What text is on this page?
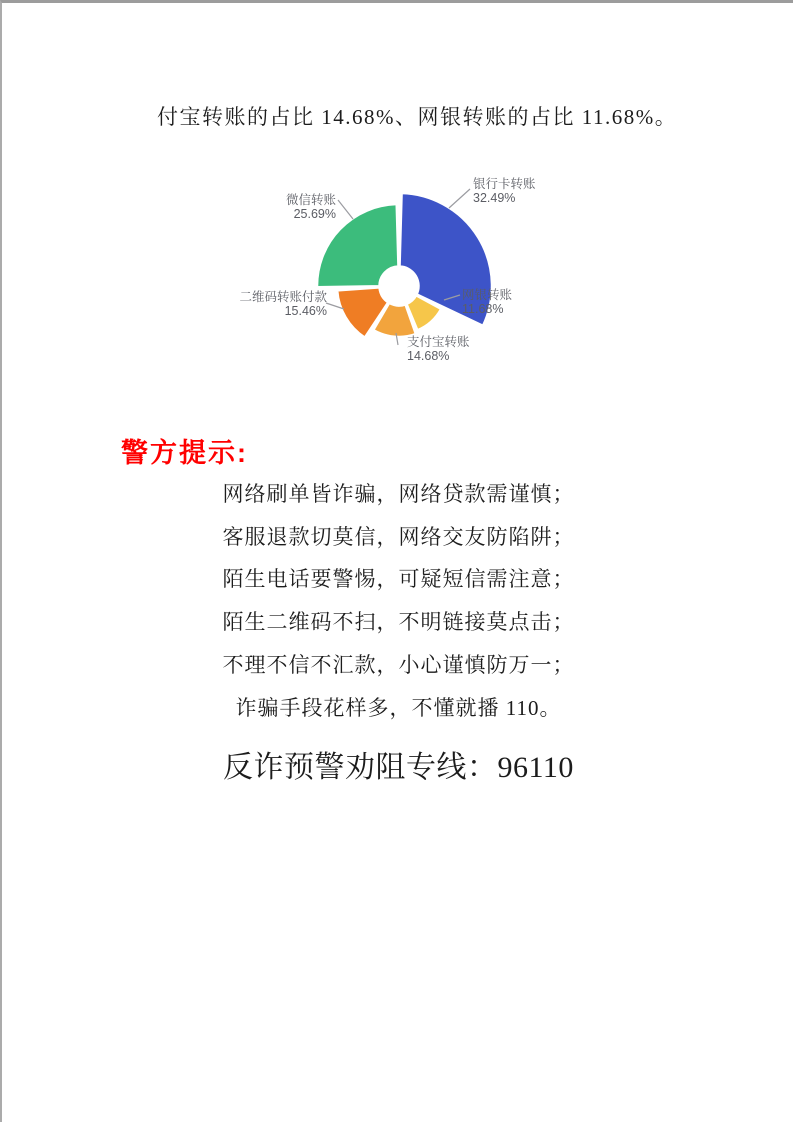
付宝转账的占比 14.68%、网银转账的占比 11.68%。

银行卡转账
32.49%
网银转账
11.68%
支付宝转账
14.68%
二维码转账付款
15.46%
微信转账
25.69%
警方提示:

网络刷单皆诈骗，网络贷款需谨慎；

客服退款切莫信，网络交友防陷阱；

陌生电话要警惕，可疑短信需注意；

陌生二维码不扫，不明链接莫点击；

不理不信不汇款，小心谨慎防万一；

诈骗手段花样多，不懂就播 110。

反诈预警劝阻专线：96110
